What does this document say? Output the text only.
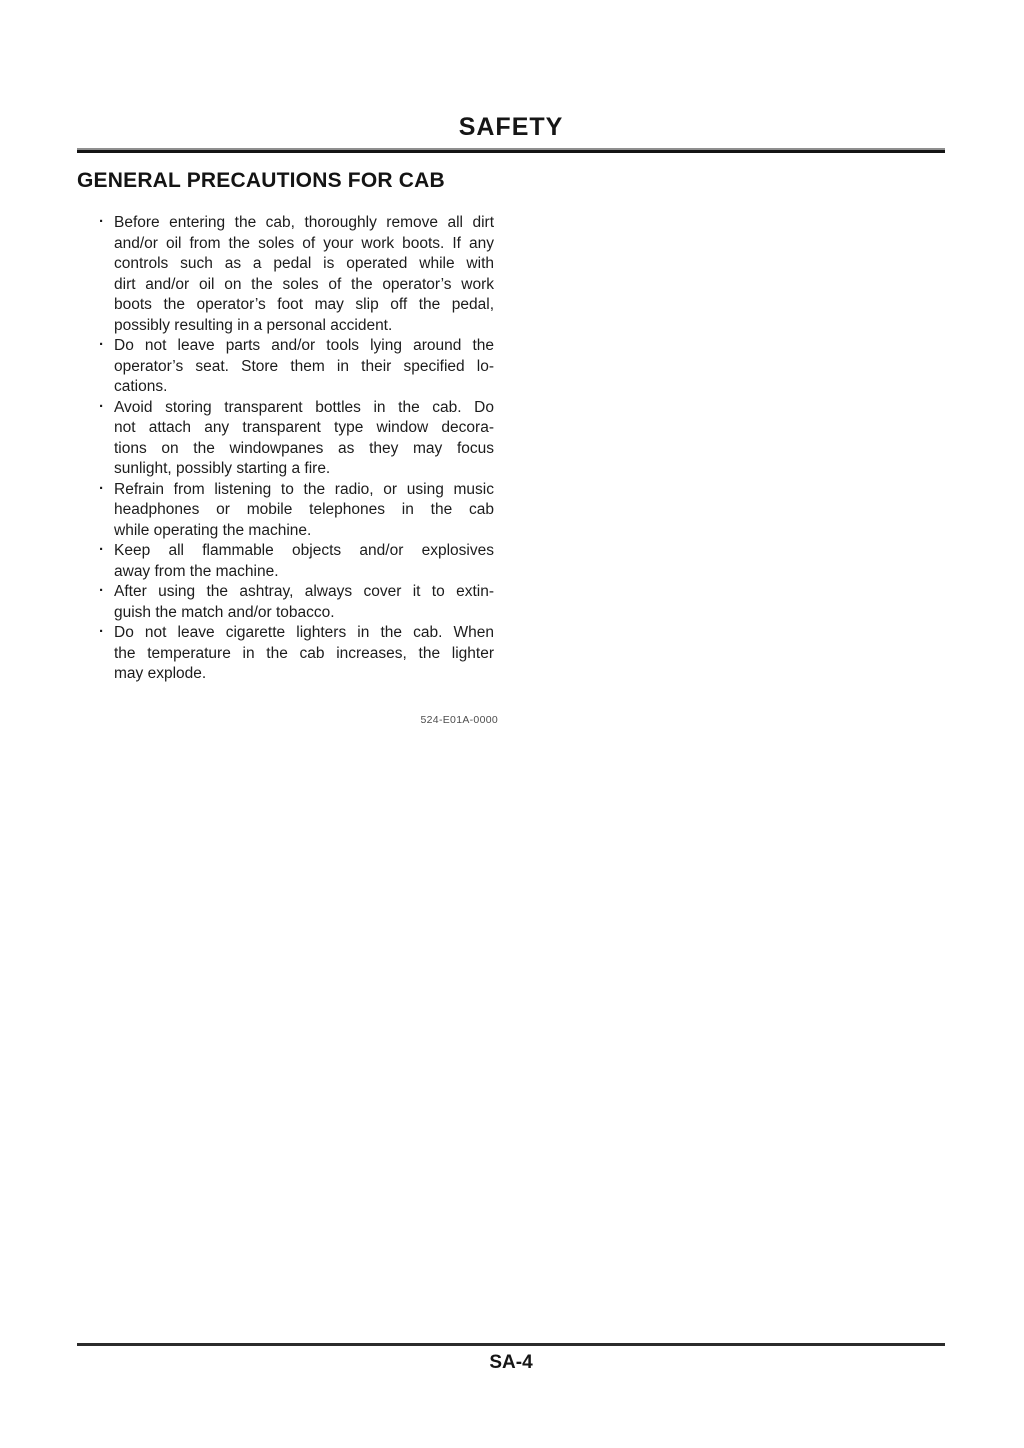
SAFETY
GENERAL PRECAUTIONS FOR CAB
· Before entering the cab, thoroughly remove all dirt
and/or oil from the soles of your work boots. If any
controls such as a pedal is operated while with
dirt and/or oil on the soles of the operator’s work
boots the operator’s foot may slip off the pedal,
possibly resulting in a personal accident.
· Do not leave parts and/or tools lying around the
operator’s seat. Store them in their specified lo-
cations.
· Avoid storing transparent bottles in the cab. Do
not attach any transparent type window decora-
tions on the windowpanes as they may focus
sunlight, possibly starting a fire.
· Refrain from listening to the radio, or using music
headphones or mobile telephones in the cab
while operating the machine.
· Keep all flammable objects and/or explosives
away from the machine.
· After using the ashtray, always cover it to extin-
guish the match and/or tobacco.
· Do not leave cigarette lighters in the cab. When
the temperature in the cab increases, the lighter
may explode.
524-E01A-0000
SA-4
